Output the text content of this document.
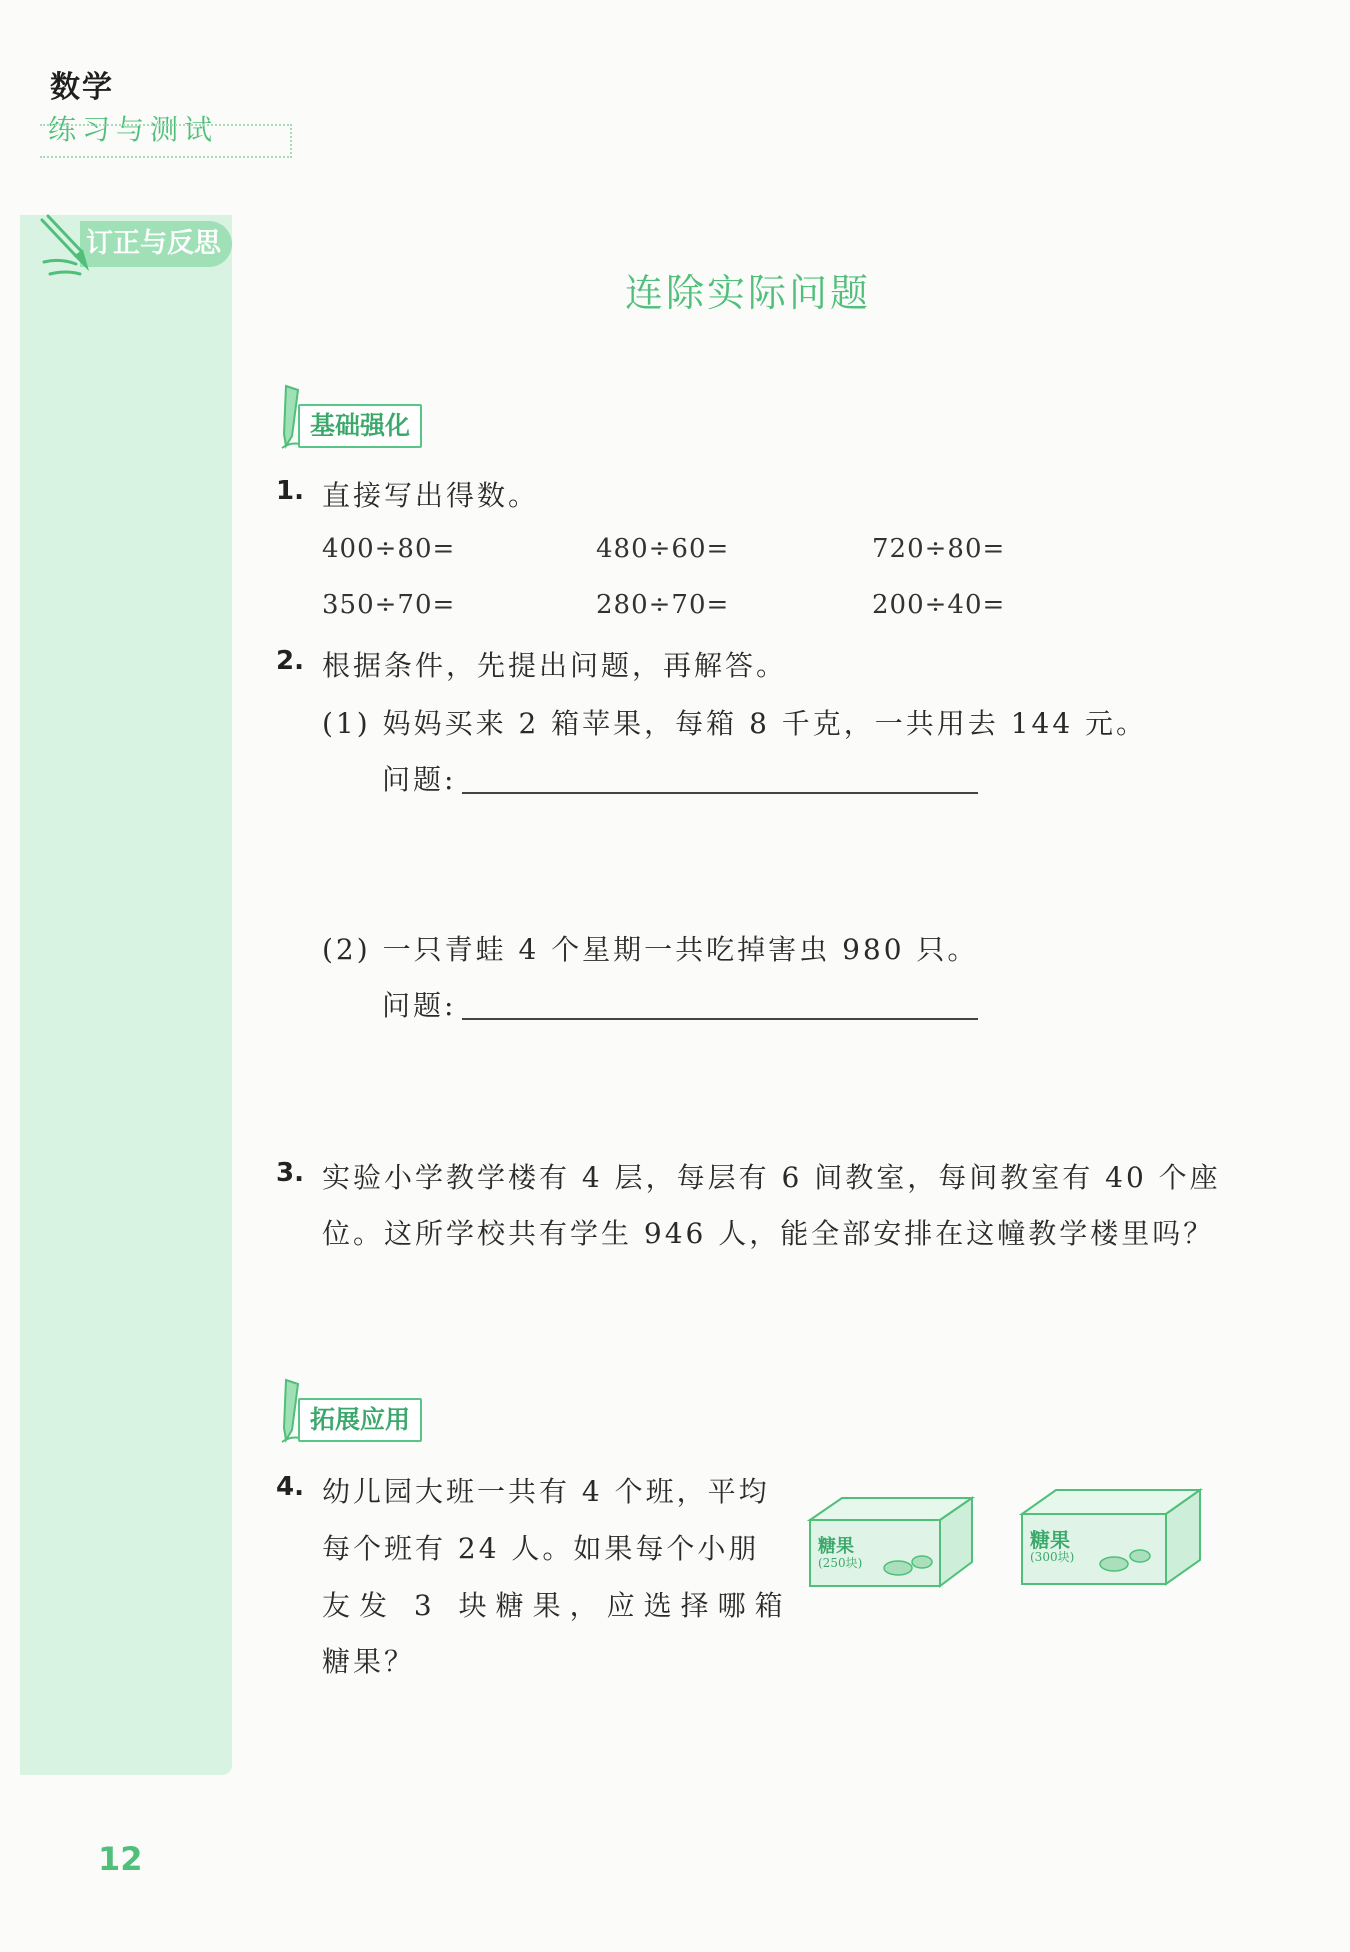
数学
练习与测试
订正与反思
连除实际问题
基础强化
1. 直接写出得数。
400÷80=	480÷60=	720÷80=
350÷70=	280÷70=	200÷40=
2. 根据条件，先提出问题，再解答。
(1) 妈妈买来 2 箱苹果，每箱 8 千克，一共用去 144 元。
问题:
(2) 一只青蛙 4 个星期一共吃掉害虫 980 只。
问题:
3. 实验小学教学楼有 4 层，每层有 6 间教室，每间教室有 40 个座
位。这所学校共有学生 946 人，能全部安排在这幢教学楼里吗？
拓展应用
4. 幼儿园大班一共有 4 个班，平均
每个班有 24 人。如果每个小朋
友发 3 块糖果，应选择哪箱
糖果？
糖果
(250块)
糖果
(300块)
12
